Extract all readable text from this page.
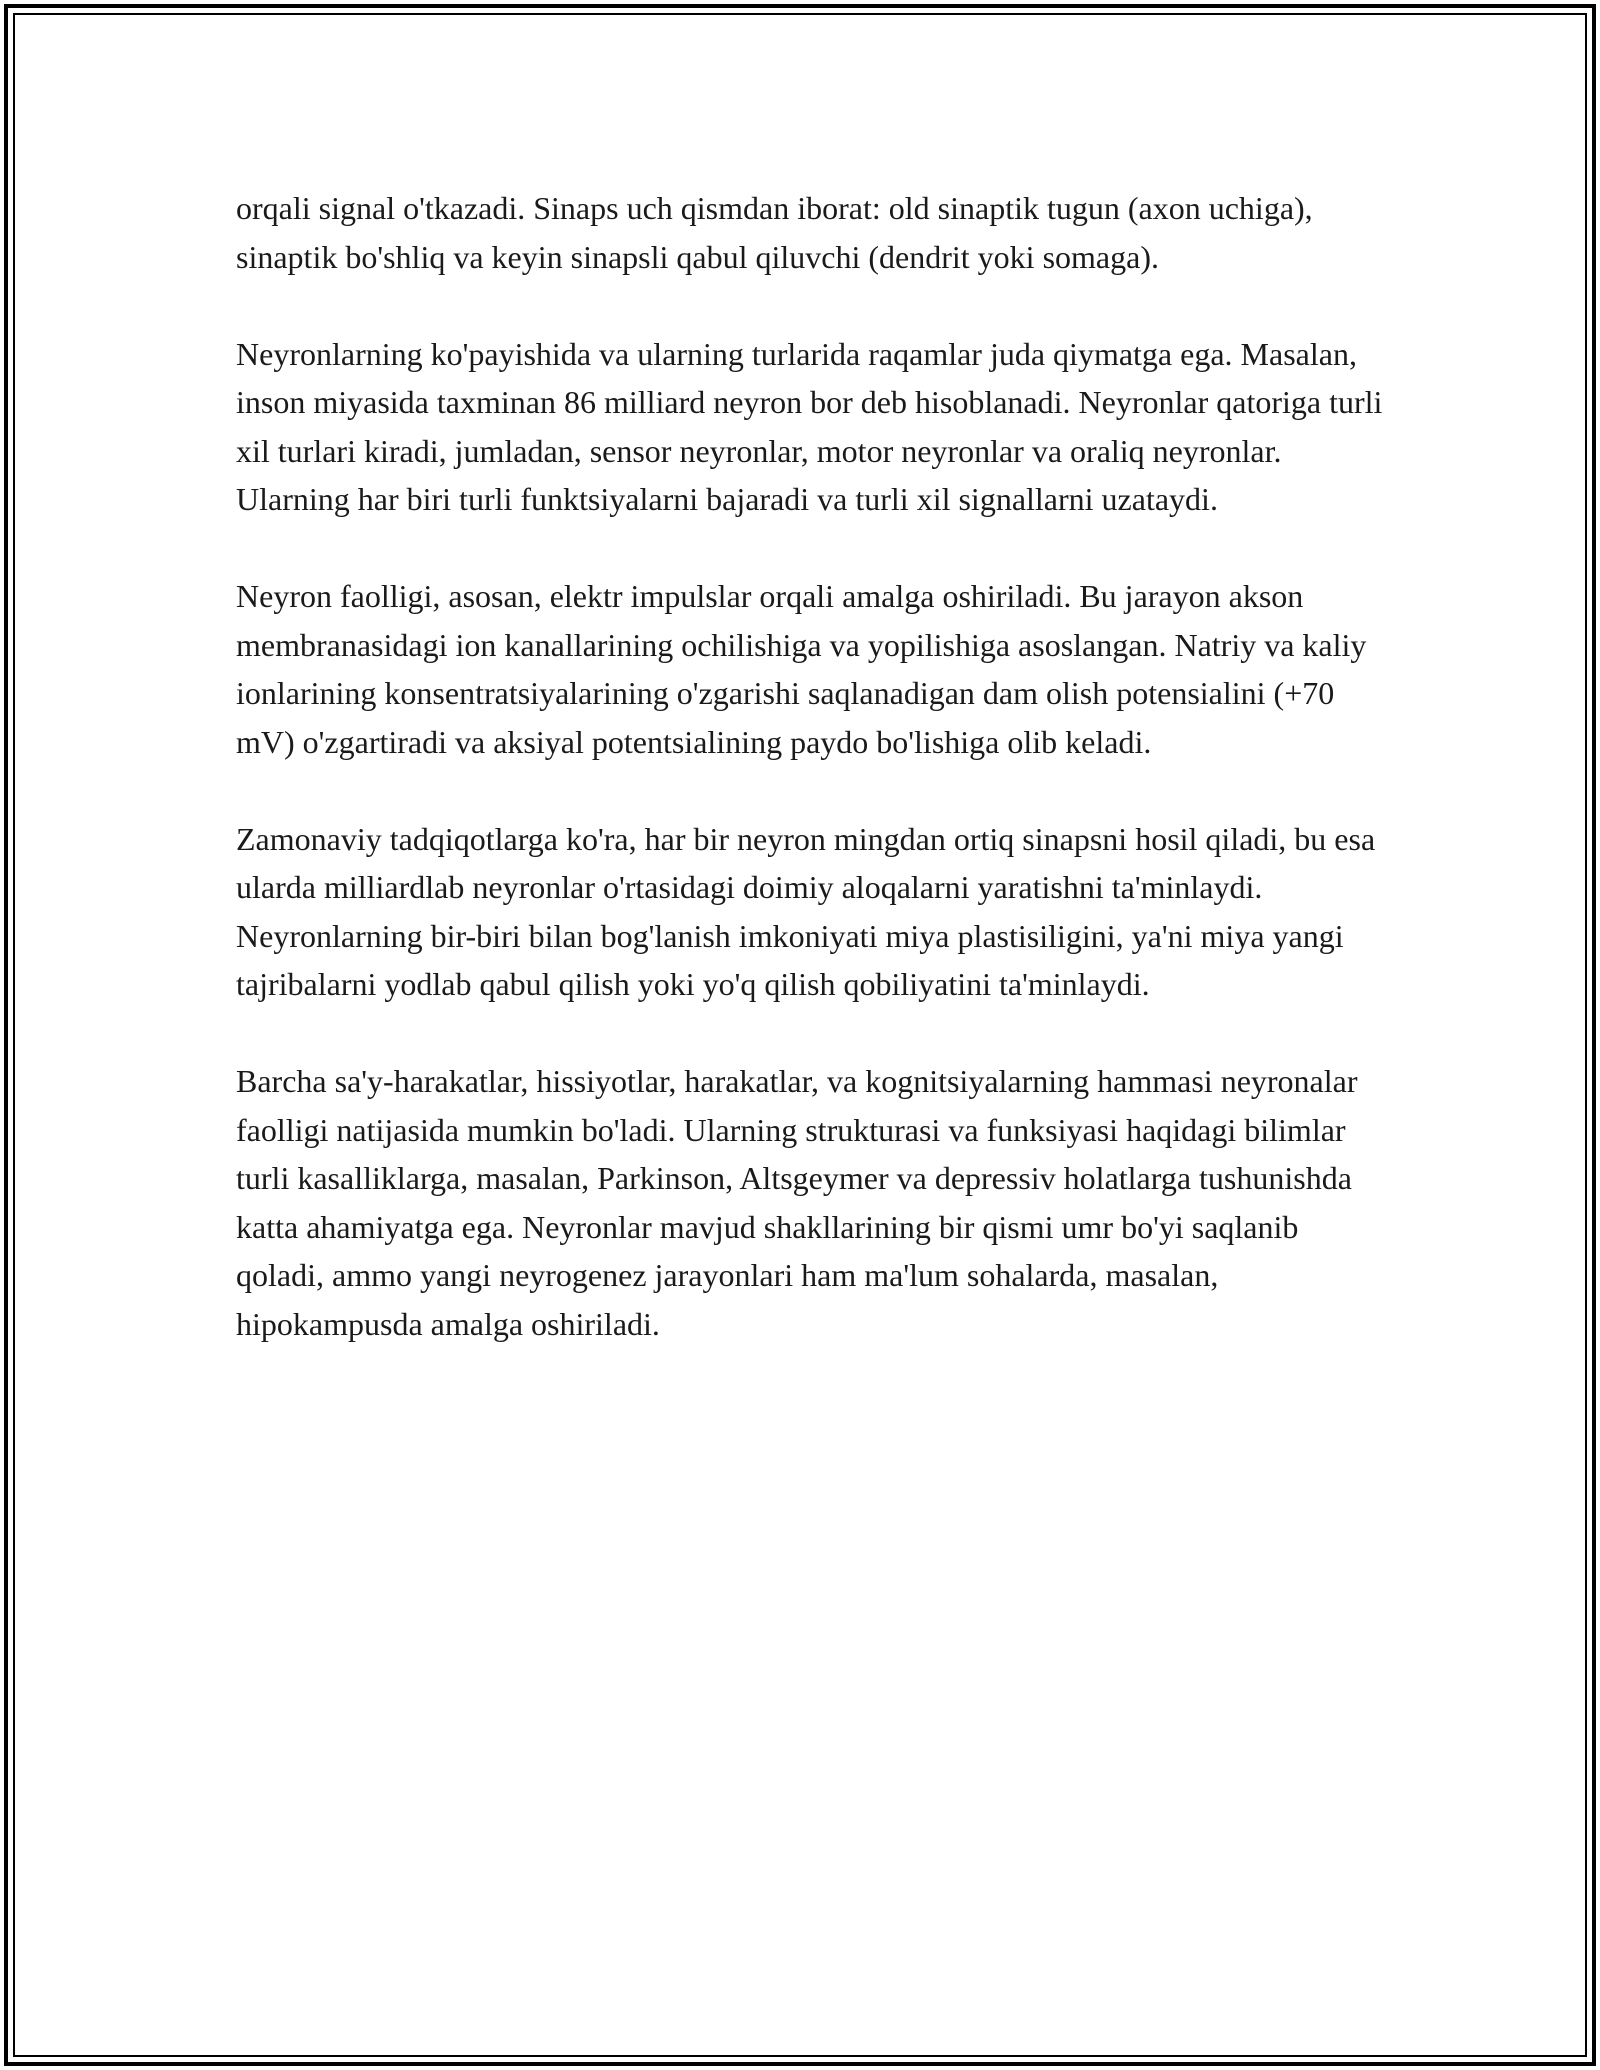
orqali signal o'tkazadi. Sinaps uch qismdan iborat: old sinaptik tugun (axon uchiga), sinaptik bo'shliq va keyin sinapsli qabul qiluvchi (dendrit yoki somaga).

Neyronlarning ko'payishida va ularning turlarida raqamlar juda qiymatga ega. Masalan, inson miyasida taxminan 86 milliard neyron bor deb hisoblanadi. Neyronlar qatoriga turli xil turlari kiradi, jumladan, sensor neyronlar, motor neyronlar va oraliq neyronlar. Ularning har biri turli funktsiyalarni bajaradi va turli xil signallarni uzataydi.

Neyron faolligi, asosan, elektr impulslar orqali amalga oshiriladi. Bu jarayon akson membranasidagi ion kanallarining ochilishiga va yopilishiga asoslangan. Natriy va kaliy ionlarining konsentratsiyalarining o'zgarishi saqlanadigan dam olish potensialini (+70 mV) o'zgartiradi va aksiyal potentsialining paydo bo'lishiga olib keladi.

Zamonaviy tadqiqotlarga ko'ra, har bir neyron mingdan ortiq sinapsni hosil qiladi, bu esa ularda milliardlab neyronlar o'rtasidagi doimiy aloqalarni yaratishni ta'minlaydi. Neyronlarning bir-biri bilan bog'lanish imkoniyati miya plastisiligini, ya'ni miya yangi tajribalarni yodlab qabul qilish yoki yo'q qilish qobiliyatini ta'minlaydi.

Barcha sa'y-harakatlar, hissiyotlar, harakatlar, va kognitsiyalarning hammasi neyronalar faolligi natijasida mumkin bo'ladi. Ularning strukturasi va funksiyasi haqidagi bilimlar turli kasalliklarga, masalan, Parkinson, Altsgeymer va depressiv holatlarga tushunishda katta ahamiyatga ega. Neyronlar mavjud shakllarining bir qismi umr bo'yi saqlanib qoladi, ammo yangi neyrogenez jarayonlari ham ma'lum sohalarda, masalan, hipokampusda amalga oshiriladi.
